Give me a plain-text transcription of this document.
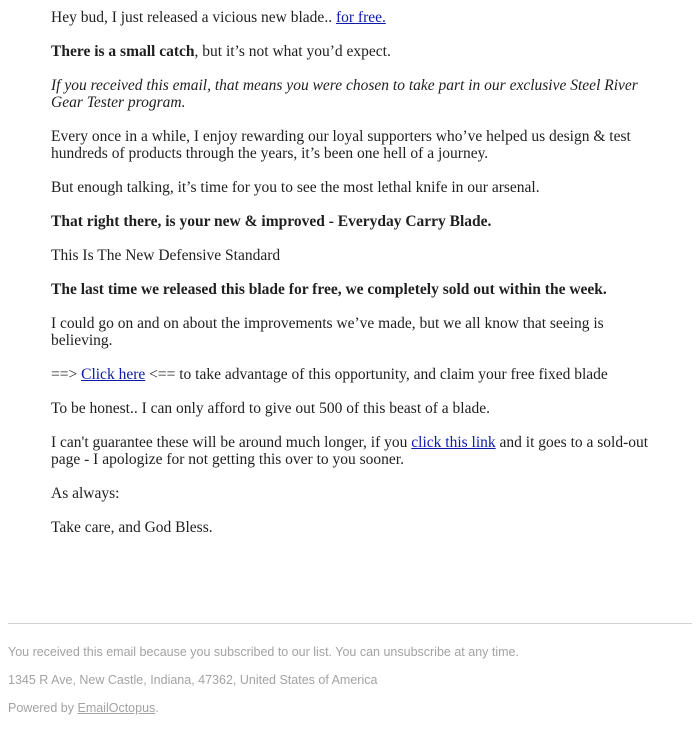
Hey bud, I just released a vicious new blade.. for free.

There is a small catch, but it’s not what you’d expect.

If you received this email, that means you were chosen to take part in our exclusive Steel River Gear Tester program.

Every once in a while, I enjoy rewarding our loyal supporters who’ve helped us design & test hundreds of products through the years, it’s been one hell of a journey.

But enough talking, it’s time for you to see the most lethal knife in our arsenal.

That right there, is your new & improved - Everyday Carry Blade.

This Is The New Defensive Standard

The last time we released this blade for free, we completely sold out within the week.

I could go on and on about the improvements we’ve made, but we all know that seeing is believing.

==> Click here <== to take advantage of this opportunity, and claim your free fixed blade

To be honest.. I can only afford to give out 500 of this beast of a blade.

I can't guarantee these will be around much longer, if you click this link and it goes to a sold-out page - I apologize for not getting this over to you sooner.

As always:

Take care, and God Bless.

You received this email because you subscribed to our list. You can unsubscribe at any time.

1345 R Ave, New Castle, Indiana, 47362, United States of America

Powered by EmailOctopus.
